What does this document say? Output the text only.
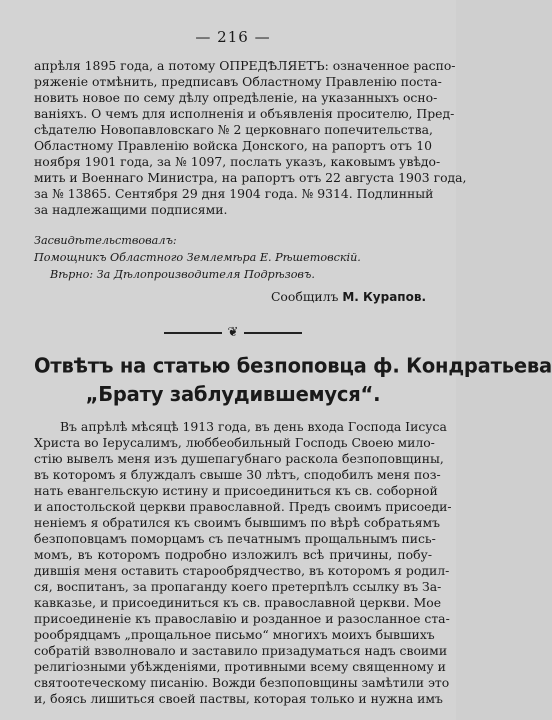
— 216 —
апрѣля 1895 года, а потому ОПРЕДѢЛЯЕТЪ: означенное распо-
ряженіе отмѣнить, предписавъ Областному Правленію поста-
новить новое по сему дѣлу опредѣленіе, на указанныхъ осно-
ваніяхъ. О чемъ для исполненія и объявленія просителю, Пред-
сѣдателю Новопавловскаго № 2 церковнаго попечительства,
Областному Правленію войска Донского, на рапортъ отъ 10
ноября 1901 года, за № 1097, послать указъ, каковымъ увѣдо-
мить и Военнаго Министра, на рапортъ отъ 22 августа 1903 года,
за № 13865. Сентября 29 дня 1904 года. № 9314. Подлинный
за надлежащими подписями.
Засвидѣтельствовалъ:
Помощникъ Областного Землемѣра Е. Рѣшетовскій.
Вѣрно: За Дѣлопроизводителя Подрѣзовъ.
Сообщилъ М. Курапов.
❦
Отвѣтъ на статью безпоповца ф. Кондратьева
„Брату заблудившемуся“.
Въ апрѣлѣ мѣсяцѣ 1913 года, въ день входа Господа Іисуса
Христа во Іерусалимъ, люббеобильный Господь Своею мило-
стію вывелъ меня изъ душепагубнаго раскола безпоповщины,
въ которомъ я блуждалъ свыше 30 лѣтъ, сподобилъ меня поз-
нать евангельскую истину и присоединиться къ св. соборной
и апостольской церкви православной. Предъ своимъ присоеди-
неніемъ я обратился къ своимъ бывшимъ по вѣрѣ собратьямъ
безпоповцамъ поморцамъ съ печатнымъ прощальнымъ пись-
момъ, въ которомъ подробно изложилъ всѣ причины, побу-
дившія меня оставить старообрядчество, въ которомъ я родил-
ся, воспитанъ, за пропаганду коего претерпѣлъ ссылку въ За-
кавказье, и присоединиться къ св. православной церкви. Мое
присоединеніе къ православію и розданное и разосланное ста-
рообрядцамъ „прощальное письмо“ многихъ моихъ бывшихъ
собратій взволновало и заставило призадуматься надъ своими
религіозными убѣжденіями, противными всему священному и
святоотеческому писанію. Вожди безпоповщины замѣтили это
и, боясь лишиться своей паствы, которая только и нужна имъ
